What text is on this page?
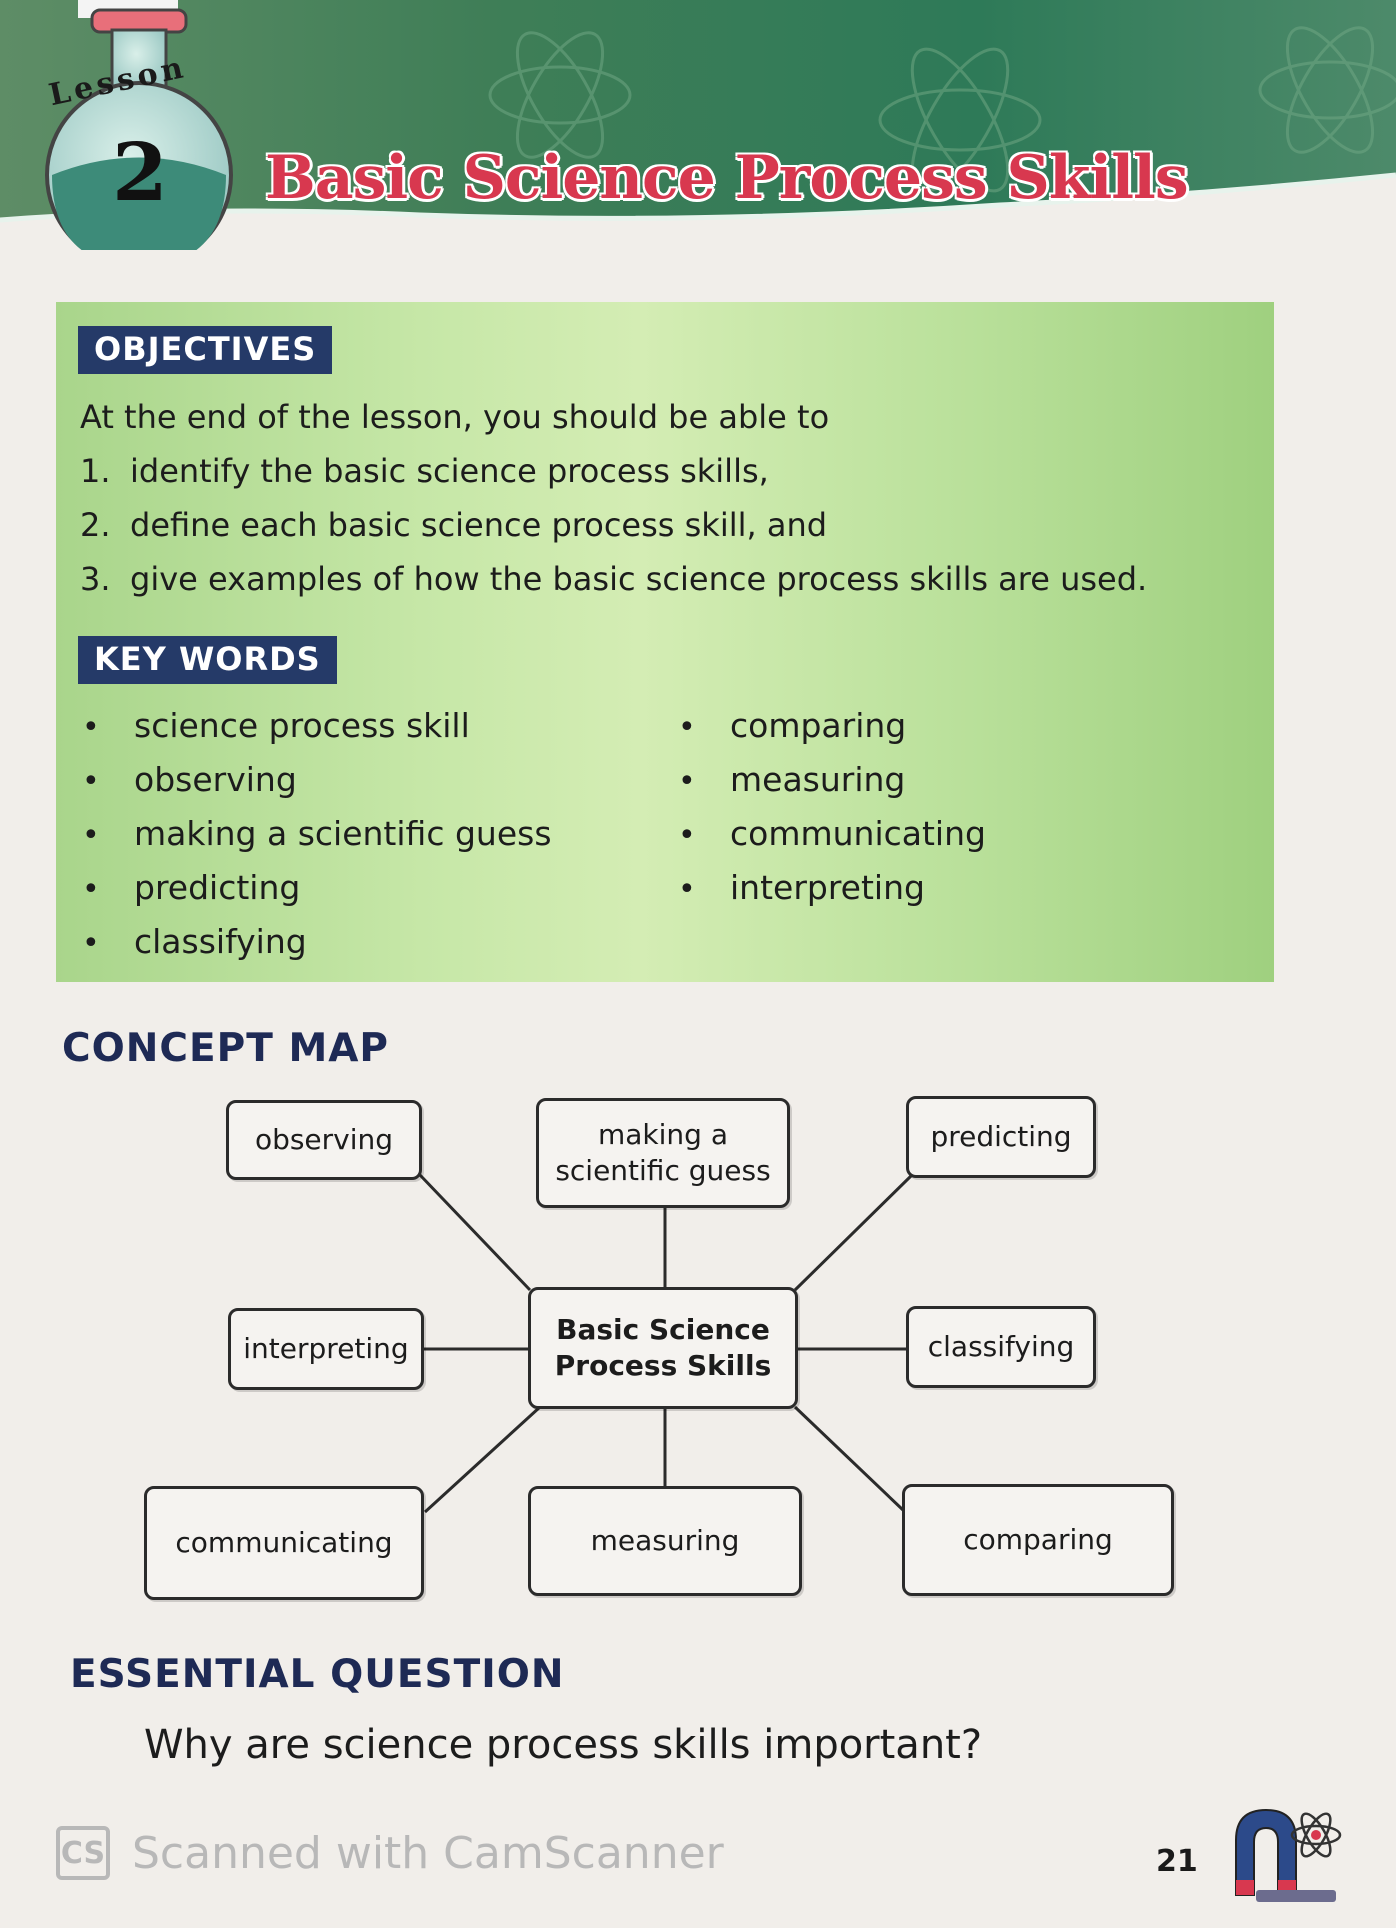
Lesson
2 Basic Science Process Skills
OBJECTIVES
At the end of the lesson, you should be able to
1. identify the basic science process skills,
2. define each basic science process skill, and
3. give examples of how the basic science process skills are used.
KEY WORDS
• science process skill
• observing
• making a scientific guess
• predicting
• classifying
• comparing
• measuring
• communicating
• interpreting
CONCEPT MAP
observing	making a
scientific guess
predicting
interpreting
Basic Science
Process Skills
classifying
communicating	measuring	comparing
ESSENTIAL QUESTION
Why are science process skills important?
CS Scanned with CamScanner	21
